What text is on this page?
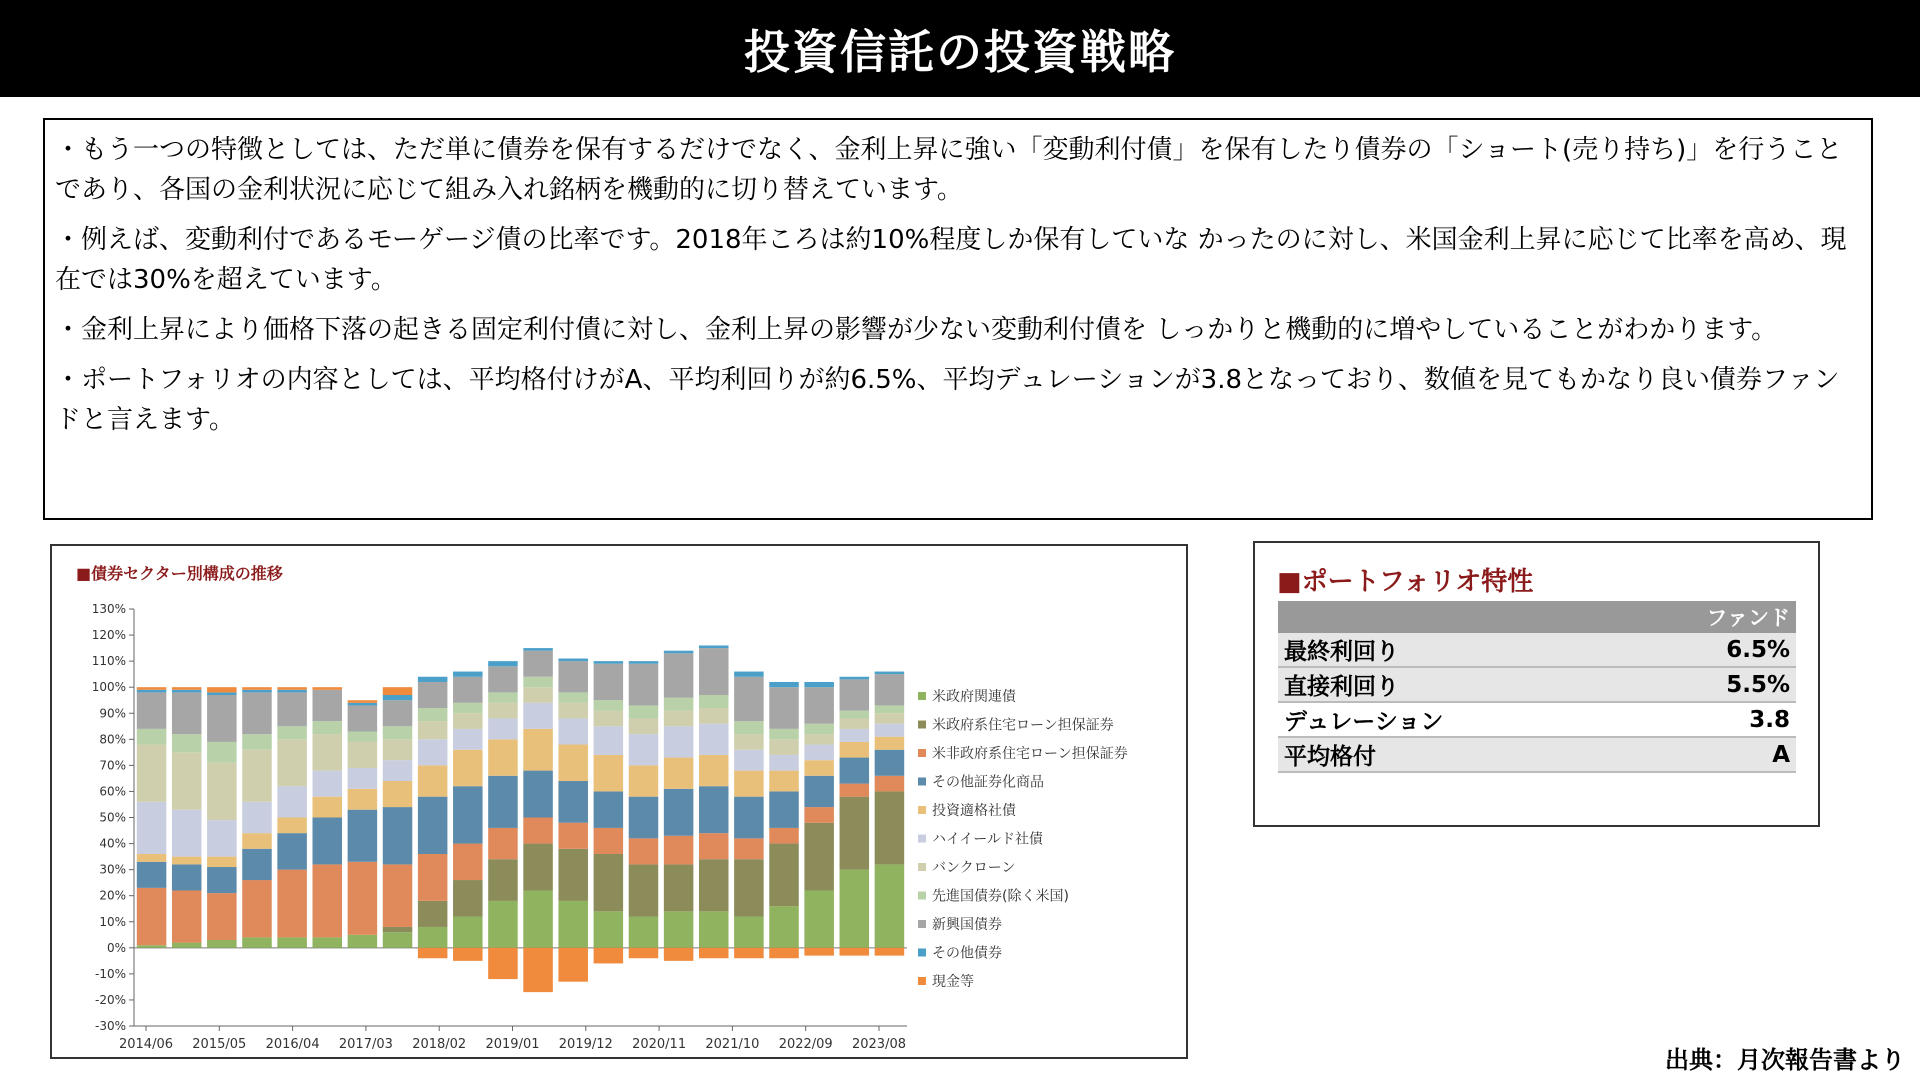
投資信託の投資戦略

・もう一つの特徴としては、ただ単に債券を保有するだけでなく、金利上昇に強い「変動利付債」を保有したり債券の「ショート(売り持ち)」を行うことであり、各国の金利状況に応じて組み入れ銘柄を機動的に切り替えています。

・例えば、変動利付であるモーゲージ債の比率です。2018年ころは約10%程度しか保有していな かったのに対し、米国金利上昇に応じて比率を高め、現在では30%を超えています。

・金利上昇により価格下落の起きる固定利付債に対し、金利上昇の影響が少ない変動利付債を しっかりと機動的に増やしていることがわかります。

・ポートフォリオの内容としては、平均格付けがA、平均利回りが約6.5%、平均デュレーションが3.8となっており、数値を見てもかなり良い債券ファンドと言えます。

■債券セクター別構成の推移
-30%
-20%
-10%
0%
10%
20%
30%
40%
50%
60%
70%
80%
90%
100%
110%
120%
130%
2014/06 2015/05 2016/04 2017/03 2018/02 2019/01 2019/12 2020/11 2021/10 2022/09 2023/08
米政府関連債
米政府系住宅ローン担保証券
米非政府系住宅ローン担保証券
その他証券化商品
投資適格社債
ハイイールド社債
バンクローン
先進国債券(除く米国)
新興国債券
その他債券
現金等
■ポートフォリオ特性
ファンド	
最終利回り	6.5%
直接利回り	5.5%
デュレーション	3.8
平均格付	A
出典：月次報告書より
